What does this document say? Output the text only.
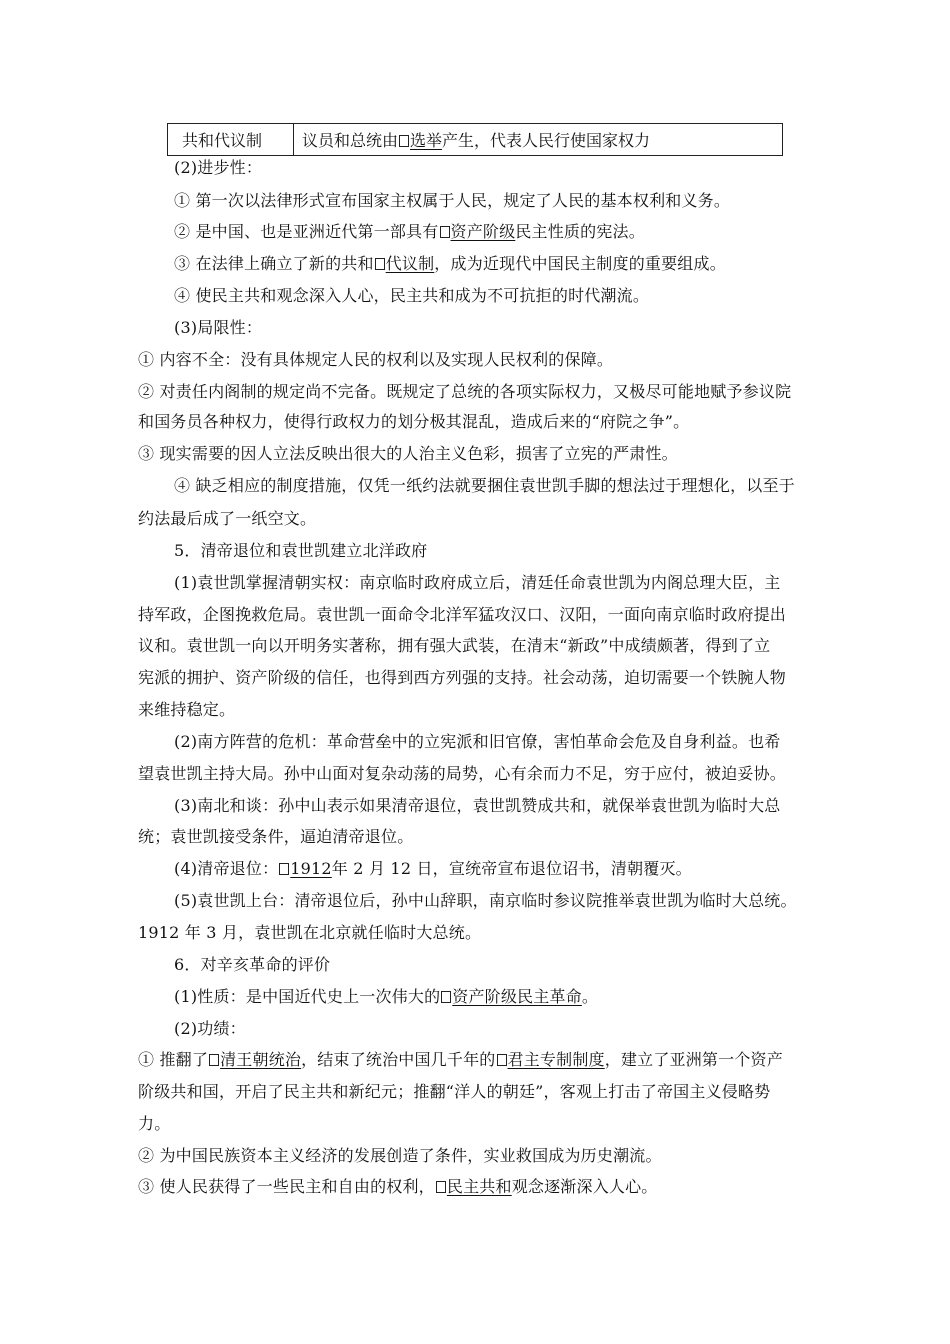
共和代议制	议员和总统由 选举产生，代表人民行使国家权力
(2)进步性：
① 第一次以法律形式宣布国家主权属于人民，规定了人民的基本权利和义务。
② 是中国、也是亚洲近代第一部具有 资产阶级民主性质的宪法。
③ 在法律上确立了新的共和 代议制，成为近现代中国民主制度的重要组成。
④ 使民主共和观念深入人心，民主共和成为不可抗拒的时代潮流。
(3)局限性：
① 内容不全：没有具体规定人民的权利以及实现人民权利的保障。
② 对责任内阁制的规定尚不完备。既规定了总统的各项实际权力，又极尽可能地赋予参议院
和国务员各种权力，使得行政权力的划分极其混乱，造成后来的“府院之争”。
③ 现实需要的因人立法反映出很大的人治主义色彩，损害了立宪的严肃性。
④ 缺乏相应的制度措施，仅凭一纸约法就要捆住袁世凯手脚的想法过于理想化，以至于
约法最后成了一纸空文。
5．清帝退位和袁世凯建立北洋政府
(1)袁世凯掌握清朝实权：南京临时政府成立后，清廷任命袁世凯为内阁总理大臣，主
持军政，企图挽救危局。袁世凯一面命令北洋军猛攻汉口、汉阳，一面向南京临时政府提出
议和。袁世凯一向以开明务实著称，拥有强大武装，在清末“新政”中成绩颇著，得到了立
宪派的拥护、资产阶级的信任，也得到西方列强的支持。社会动荡，迫切需要一个铁腕人物
来维持稳定。
(2)南方阵营的危机：革命营垒中的立宪派和旧官僚，害怕革命会危及自身利益。也希
望袁世凯主持大局。孙中山面对复杂动荡的局势，心有余而力不足，穷于应付，被迫妥协。
(3)南北和谈：孙中山表示如果清帝退位，袁世凯赞成共和，就保举袁世凯为临时大总
统；袁世凯接受条件，逼迫清帝退位。
(4)清帝退位： 1912年 2 月 12 日，宣统帝宣布退位诏书，清朝覆灭。
(5)袁世凯上台：清帝退位后，孙中山辞职，南京临时参议院推举袁世凯为临时大总统。
1912 年 3 月，袁世凯在北京就任临时大总统。
6．对辛亥革命的评价
(1)性质：是中国近代史上一次伟大的 资产阶级民主革命。
(2)功绩：
① 推翻了 清王朝统治，结束了统治中国几千年的 君主专制制度，建立了亚洲第一个资产
阶级共和国，开启了民主共和新纪元；推翻“洋人的朝廷”，客观上打击了帝国主义侵略势
力。
② 为中国民族资本主义经济的发展创造了条件，实业救国成为历史潮流。
③ 使人民获得了一些民主和自由的权利， 民主共和观念逐渐深入人心。
